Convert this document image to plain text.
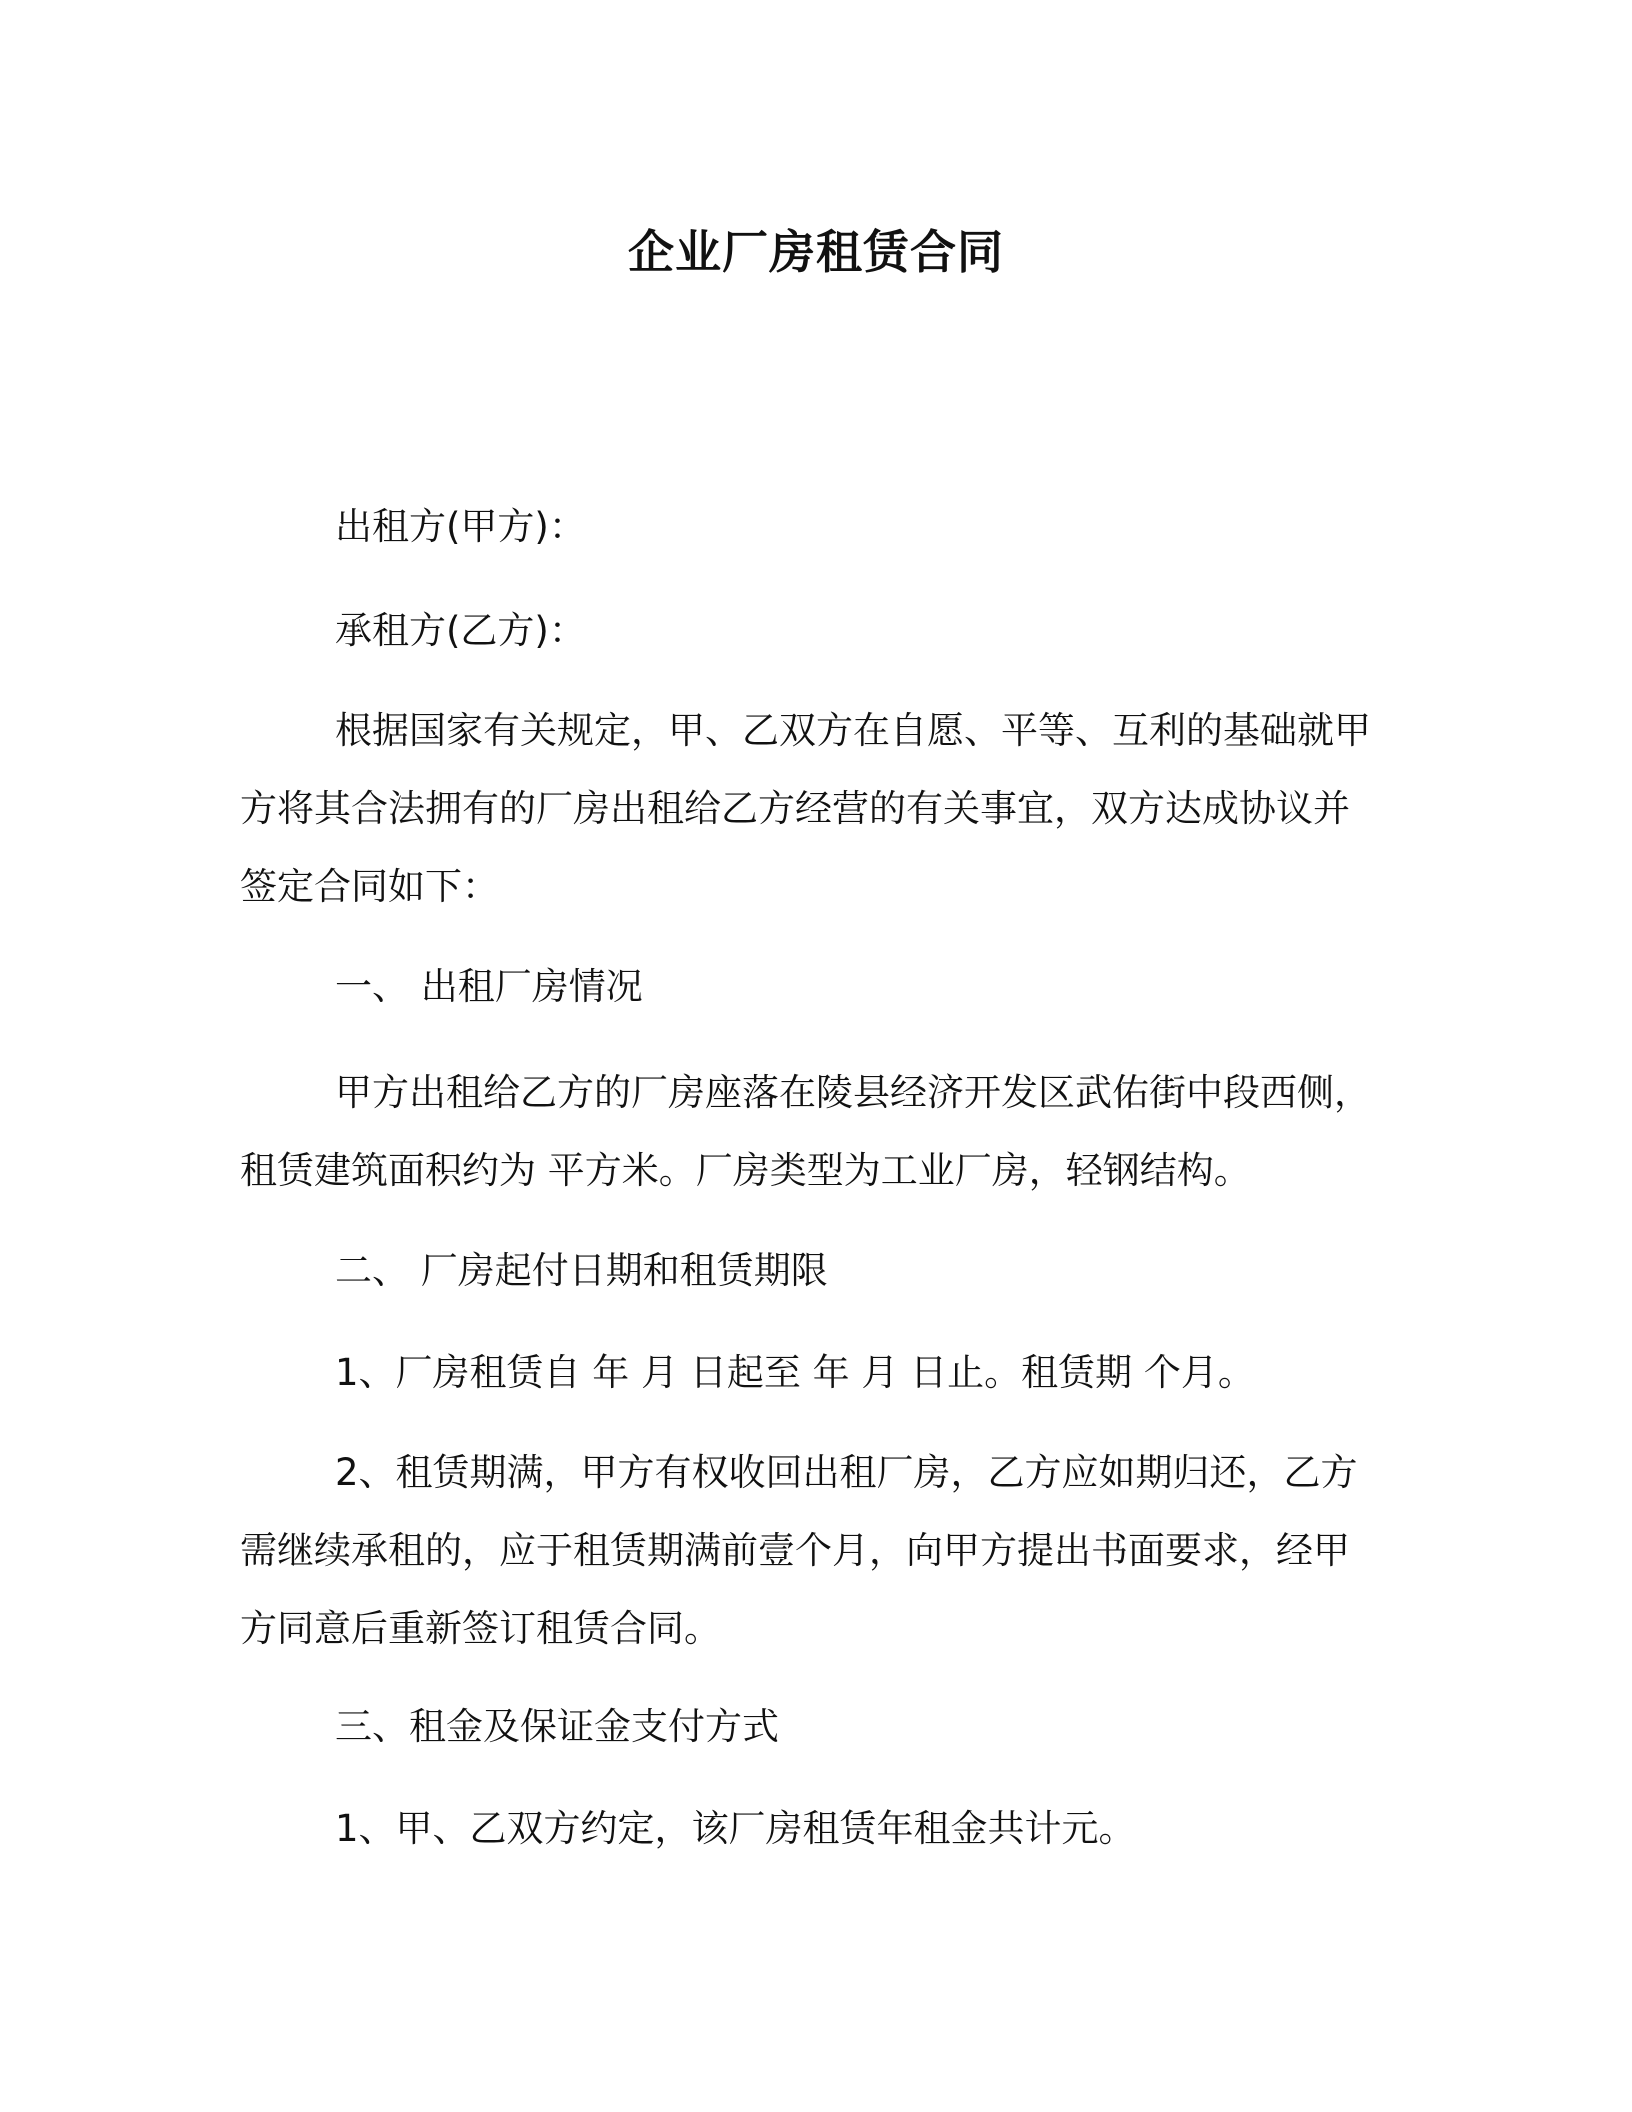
企业厂房租赁合同
出租方(甲方)：
承租方(乙方)：
根据国家有关规定，甲、乙双方在自愿、平等、互利的基础就甲方将其合法拥有的厂房出租给乙方经营的有关事宜，双方达成协议并签定合同如下：
一、 出租厂房情况
甲方出租给乙方的厂房座落在陵县经济开发区武佑街中段西侧，租赁建筑面积约为 平方米。厂房类型为工业厂房，轻钢结构。
二、 厂房起付日期和租赁期限
1、厂房租赁自 年 月 日起至 年 月 日止。租赁期 个月。
2、租赁期满，甲方有权收回出租厂房，乙方应如期归还，乙方需继续承租的，应于租赁期满前壹个月，向甲方提出书面要求，经甲方同意后重新签订租赁合同。
三、租金及保证金支付方式
1、甲、乙双方约定，该厂房租赁年租金共计元。
